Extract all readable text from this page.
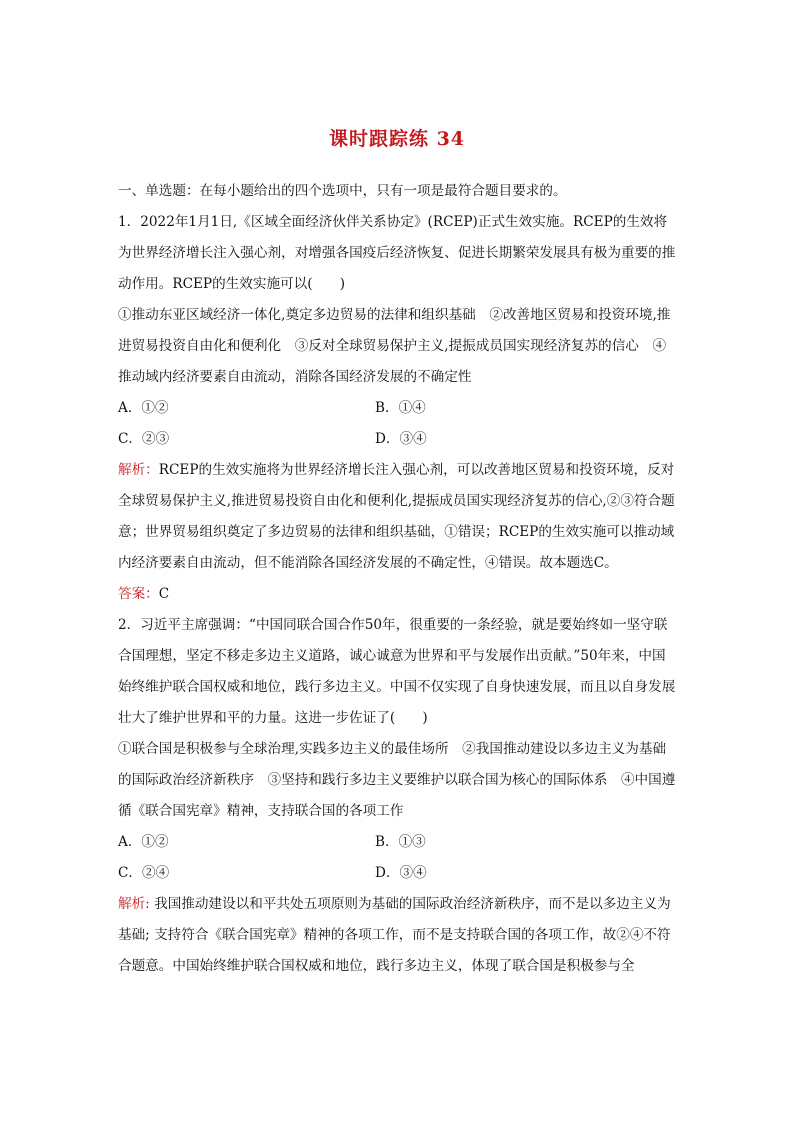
课时跟踪练 34

一、单选题：在每小题给出的四个选项中，只有一项是最符合题目要求的。

1．2022年1月1日,《区域全面经济伙伴关系协定》(RCEP)正式生效实施。RCEP的生效将为世界经济增长注入强心剂，对增强各国疫后经济恢复、促进长期繁荣发展具有极为重要的推动作用。RCEP的生效实施可以(　　)

①推动东亚区域经济一体化,奠定多边贸易的法律和组织基础　②改善地区贸易和投资环境,推进贸易投资自由化和便利化　③反对全球贸易保护主义,提振成员国实现经济复苏的信心　④推动域内经济要素自由流动，消除各国经济发展的不确定性

A．①②	B．①④
C．②③	D．③④

解析：RCEP的生效实施将为世界经济增长注入强心剂，可以改善地区贸易和投资环境，反对全球贸易保护主义,推进贸易投资自由化和便利化,提振成员国实现经济复苏的信心,②③符合题意；世界贸易组织奠定了多边贸易的法律和组织基础，①错误；RCEP的生效实施可以推动域内经济要素自由流动，但不能消除各国经济发展的不确定性，④错误。故本题选C。

答案：C

2．习近平主席强调：“中国同联合国合作50年，很重要的一条经验，就是要始终如一坚守联合国理想，坚定不移走多边主义道路，诚心诚意为世界和平与发展作出贡献。”50年来，中国始终维护联合国权威和地位，践行多边主义。中国不仅实现了自身快速发展，而且以自身发展壮大了维护世界和平的力量。这进一步佐证了(　　)

①联合国是积极参与全球治理,实践多边主义的最佳场所　②我国推动建设以多边主义为基础的国际政治经济新秩序　③坚持和践行多边主义要维护以联合国为核心的国际体系　④中国遵循《联合国宪章》精神，支持联合国的各项工作

A．①②	B．①③
C．②④	D．③④

解析: 我国推动建设以和平共处五项原则为基础的国际政治经济新秩序，而不是以多边主义为基础; 支持符合《联合国宪章》精神的各项工作，而不是支持联合国的各项工作，故②④不符合题意。中国始终维护联合国权威和地位，践行多边主义，体现了联合国是积极参与全
